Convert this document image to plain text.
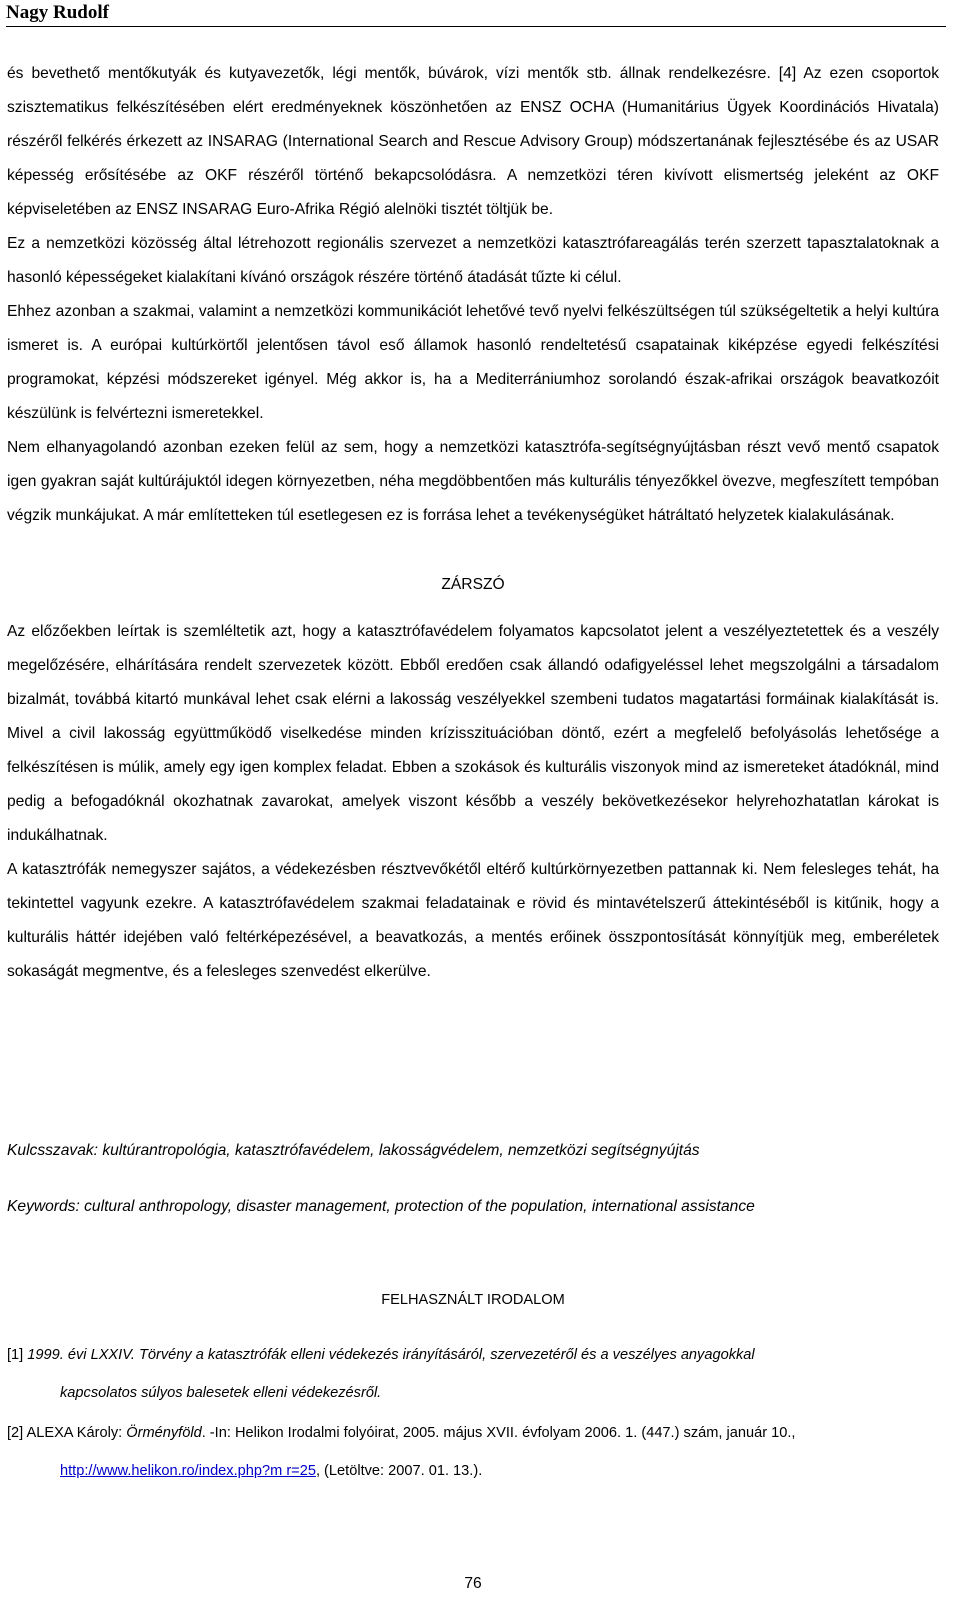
Nagy Rudolf

és bevethető mentőkutyák és kutyavezetők, légi mentők, búvárok, vízi mentők stb. állnak rendelkezésre. [4] Az ezen csoportok szisztematikus felkészítésében elért eredményeknek köszönhetően az ENSZ OCHA (Humanitárius Ügyek Koordinációs Hivatala) részéről felkérés érkezett az INSARAG (International Search and Rescue Advisory Group) módszertanának fejlesztésébe és az USAR képesség erősítésébe az OKF részéről történő bekapcsolódásra. A nemzetközi téren kivívott elismertség jeleként az OKF képviseletében az ENSZ INSARAG Euro-Afrika Régió alelnöki tisztét töltjük be.

Ez a nemzetközi közösség által létrehozott regionális szervezet a nemzetközi katasztrófareagálás terén szerzett tapasztalatoknak a hasonló képességeket kialakítani kívánó országok részére történő átadását tűzte ki célul.

Ehhez azonban a szakmai, valamint a nemzetközi kommunikációt lehetővé tevő nyelvi felkészültségen túl szükségeltetik a helyi kultúra ismeret is. A európai kultúrkörtől jelentősen távol eső államok hasonló rendeltetésű csapatainak kiképzése egyedi felkészítési programokat, képzési módszereket igényel. Még akkor is, ha a Mediterrániumhoz sorolandó észak-afrikai országok beavatkozóit készülünk is felvértezni ismeretekkel.

Nem elhanyagolandó azonban ezeken felül az sem, hogy a nemzetközi katasztrófa-segítségnyújtásban részt vevő mentő csapatok igen gyakran saját kultúrájuktól idegen környezetben, néha megdöbbentően más kulturális tényezőkkel övezve, megfeszített tempóban végzik munkájukat. A már említetteken túl esetlegesen ez is forrása lehet a tevékenységüket hátráltató helyzetek kialakulásának.

ZÁRSZÓ

Az előzőekben leírtak is szemléltetik azt, hogy a katasztrófavédelem folyamatos kapcsolatot jelent a veszélyeztetettek és a veszély megelőzésére, elhárítására rendelt szervezetek között. Ebből eredően csak állandó odafigyeléssel lehet megszolgálni a társadalom bizalmát, továbbá kitartó munkával lehet csak elérni a lakosság veszélyekkel szembeni tudatos magatartási formáinak kialakítását is. Mivel a civil lakosság együttműködő viselkedése minden krízisszituációban döntő, ezért a megfelelő befolyásolás lehetősége a felkészítésen is múlik, amely egy igen komplex feladat. Ebben a szokások és kulturális viszonyok mind az ismereteket átadóknál, mind pedig a befogadóknál okozhatnak zavarokat, amelyek viszont később a veszély bekövetkezésekor helyrehozhatatlan károkat is indukálhatnak.

A katasztrófák nemegyszer sajátos, a védekezésben résztvevőkétől eltérő kultúrkörnyezetben pattannak ki. Nem felesleges tehát, ha tekintettel vagyunk ezekre. A katasztrófavédelem szakmai feladatainak e rövid és mintavételszerű áttekintéséből is kitűnik, hogy a kulturális háttér idejében való feltérképezésével, a beavatkozás, a mentés erőinek összpontosítását könnyítjük meg, emberéletek sokaságát megmentve, és a felesleges szenvedést elkerülve.

Kulcsszavak: kultúrantropológia, katasztrófavédelem, lakosságvédelem, nemzetközi segítségnyújtás
Keywords: cultural anthropology, disaster management, protection of the population, international assistance
FELHASZNÁLT IRODALOM
[1] 1999. évi LXXIV. Törvény a katasztrófák elleni védekezés irányításáról, szervezetéről és a veszélyes anyagokkal
kapcsolatos súlyos balesetek elleni védekezésről.
[2] ALEXA Károly: Örményföld. -In: Helikon Irodalmi folyóirat, 2005. május XVII. évfolyam 2006. 1. (447.) szám, január 10.,
http://www.helikon.ro/index.php?m r=25, (Letöltve: 2007. 01. 13.).
76
